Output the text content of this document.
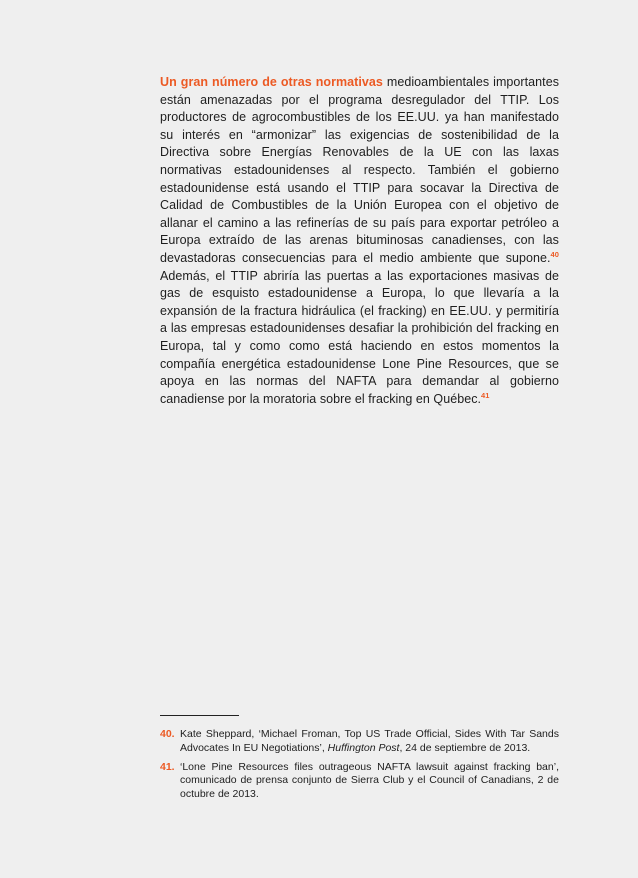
Un gran número de otras normativas medioambientales importantes están amenazadas por el programa desregulador del TTIP. Los productores de agrocombustibles de los EE.UU. ya han manifestado su interés en “armonizar” las exigencias de sostenibilidad de la Directiva sobre Energías Renovables de la UE con las laxas normativas estadounidenses al respecto. También el gobierno estadounidense está usando el TTIP para socavar la Directiva de Calidad de Combustibles de la Unión Europea con el objetivo de allanar el camino a las refinerías de su país para exportar petróleo a Europa extraído de las arenas bituminosas canadienses, con las devastadoras consecuencias para el medio ambiente que supone.$^{40}$ Además, el TTIP abriría las puertas a las exportaciones masivas de gas de esquisto estadounidense a Europa, lo que llevaría a la expansión de la fractura hidráulica (el fracking) en EE.UU. y permitiría a las empresas estadounidenses desafiar la prohibición del fracking en Europa, tal y como como está haciendo en estos momentos la compañía energética estadounidense Lone Pine Resources, que se apoya en las normas del NAFTA para demandar al gobierno canadiense por la moratoria sobre el fracking en Québec.$^{41}$

40. Kate Sheppard, ‘Michael Froman, Top US Trade Official, Sides With Tar Sands Advocates In EU Negotiations’, Huffington Post, 24 de septiembre de 2013.
41. ‘Lone Pine Resources files outrageous NAFTA lawsuit against fracking ban’, comunicado de prensa conjunto de Sierra Club y el Council of Canadians, 2 de octubre de 2013.
